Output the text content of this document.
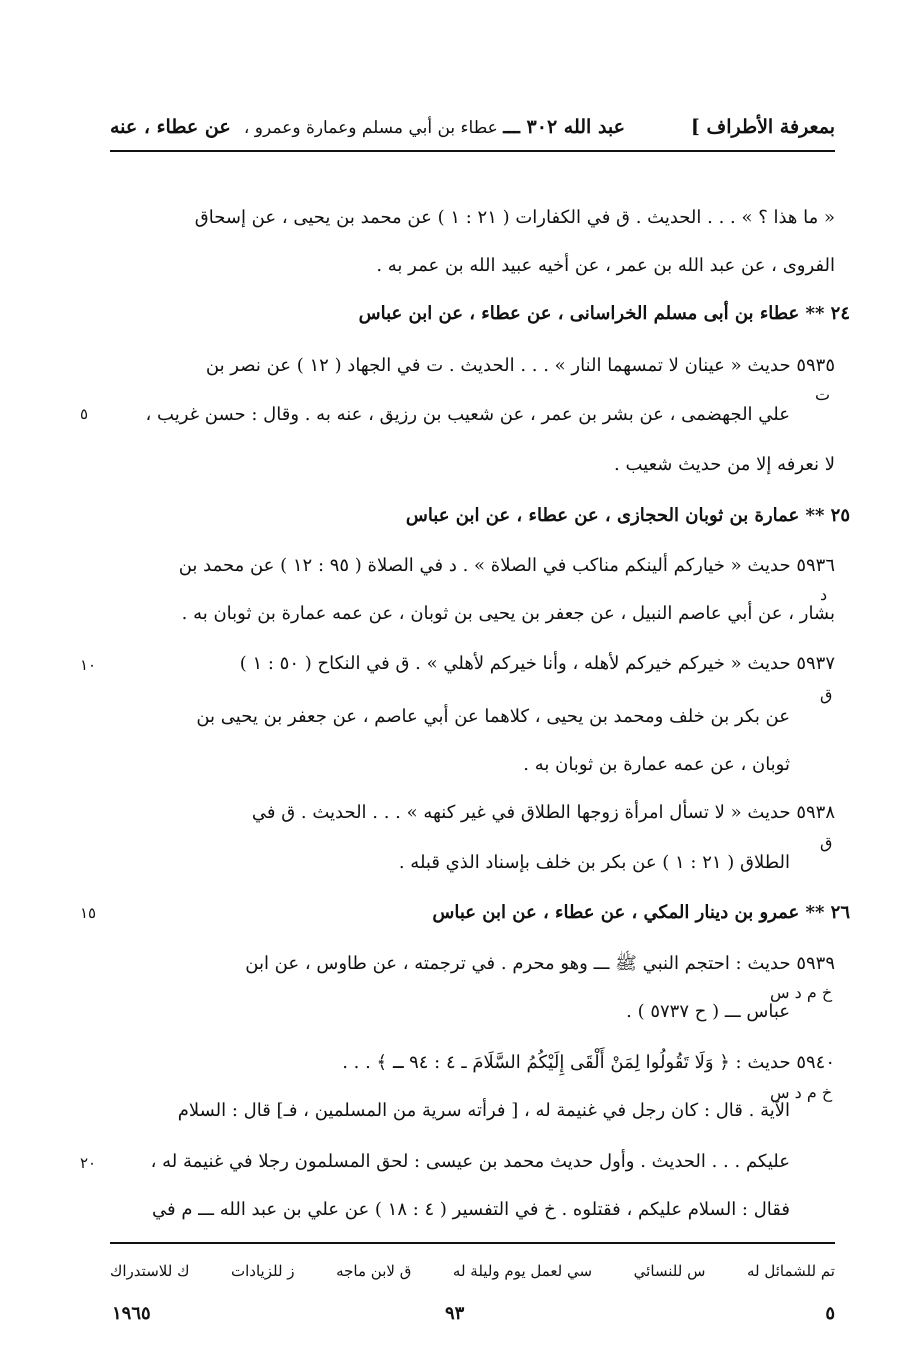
بمعرفة الأطراف ]
عبد الله ٣٠٢ ـــ عطاء بن أبي مسلم وعمارة وعمرو ،
عن عطاء ، عنه
« ما هذا ؟ » . . . الحديث . ق في الكفارات ( ٢١ : ١ ) عن محمد بن يحيى ، عن إسحاق
الفروى ، عن عبد الله بن عمر ، عن أخيه عبيد الله بن عمر به .
٢٤ ** عطاء بن أبى مسلم الخراسانى ، عن عطاء ، عن ابن عباس
٥٩٣٥ حديث « عينان لا تمسهما النار » . . . الحديث . ت في الجهاد ( ١٢ ) عن نصر بن
علي الجهضمى ، عن بشر بن عمر ، عن شعيب بن رزيق ، عنه به . وقال : حسن غريب ،
لا نعرفه إلا من حديث شعيب .
٢٥ ** عمارة بن ثوبان الحجازى ، عن عطاء ، عن ابن عباس
٥٩٣٦ حديث « خياركم ألينكم مناكب في الصلاة » . د في الصلاة ( ٩٥ : ١٢ ) عن محمد بن
بشار ، عن أبي عاصم النبيل ، عن جعفر بن يحيى بن ثوبان ، عن عمه عمارة بن ثوبان به .
٥٩٣٧ حديث « خيركم خيركم لأهله ، وأنا خيركم لأهلي » . ق في النكاح ( ٥٠ : ١ )
عن بكر بن خلف ومحمد بن يحيى ، كلاهما عن أبي عاصم ، عن جعفر بن يحيى بن
ثوبان ، عن عمه عمارة بن ثوبان به .
٥٩٣٨ حديث « لا تسأل امرأة زوجها الطلاق في غير كنهه » . . . الحديث . ق في
الطلاق ( ٢١ : ١ ) عن بكر بن خلف بإسناد الذي قبله .
٢٦ ** عمرو بن دينار المكي ، عن عطاء ، عن ابن عباس
٥٩٣٩ حديث : احتجم النبي ﷺ ـــ وهو محرم . في ترجمته ، عن طاوس ، عن ابن
عباس ـــ ( ح ٥٧٣٧ ) .
٥٩٤٠ حديث : ﴿ وَلَا تَقُولُوا لِمَنْ أَلْقَى إِلَيْكُمُ السَّلَامَ ـ ٤ : ٩٤ ـ ﴾ . . .
الآية . قال : كان رجل في غنيمة له ، [ فرأته سرية من المسلمين ، فـ] قال : السلام
عليكم . . . الحديث . وأول حديث محمد بن عيسى : لحق المسلمون رجلا في غنيمة له ،
فقال : السلام عليكم ، فقتلوه . خ في التفسير ( ٤ : ١٨ ) عن علي بن عبد الله ـــ م في
ت
د
ق
ق
خ م د س
خ م د س
٥
١٠
١٥
٢٠
تم للشمائل له
س للنسائي
سي لعمل يوم وليلة له
ق لابن ماجه
ز للزيادات
ك للاستدراك
٥
٩٣
١٩٦٥
